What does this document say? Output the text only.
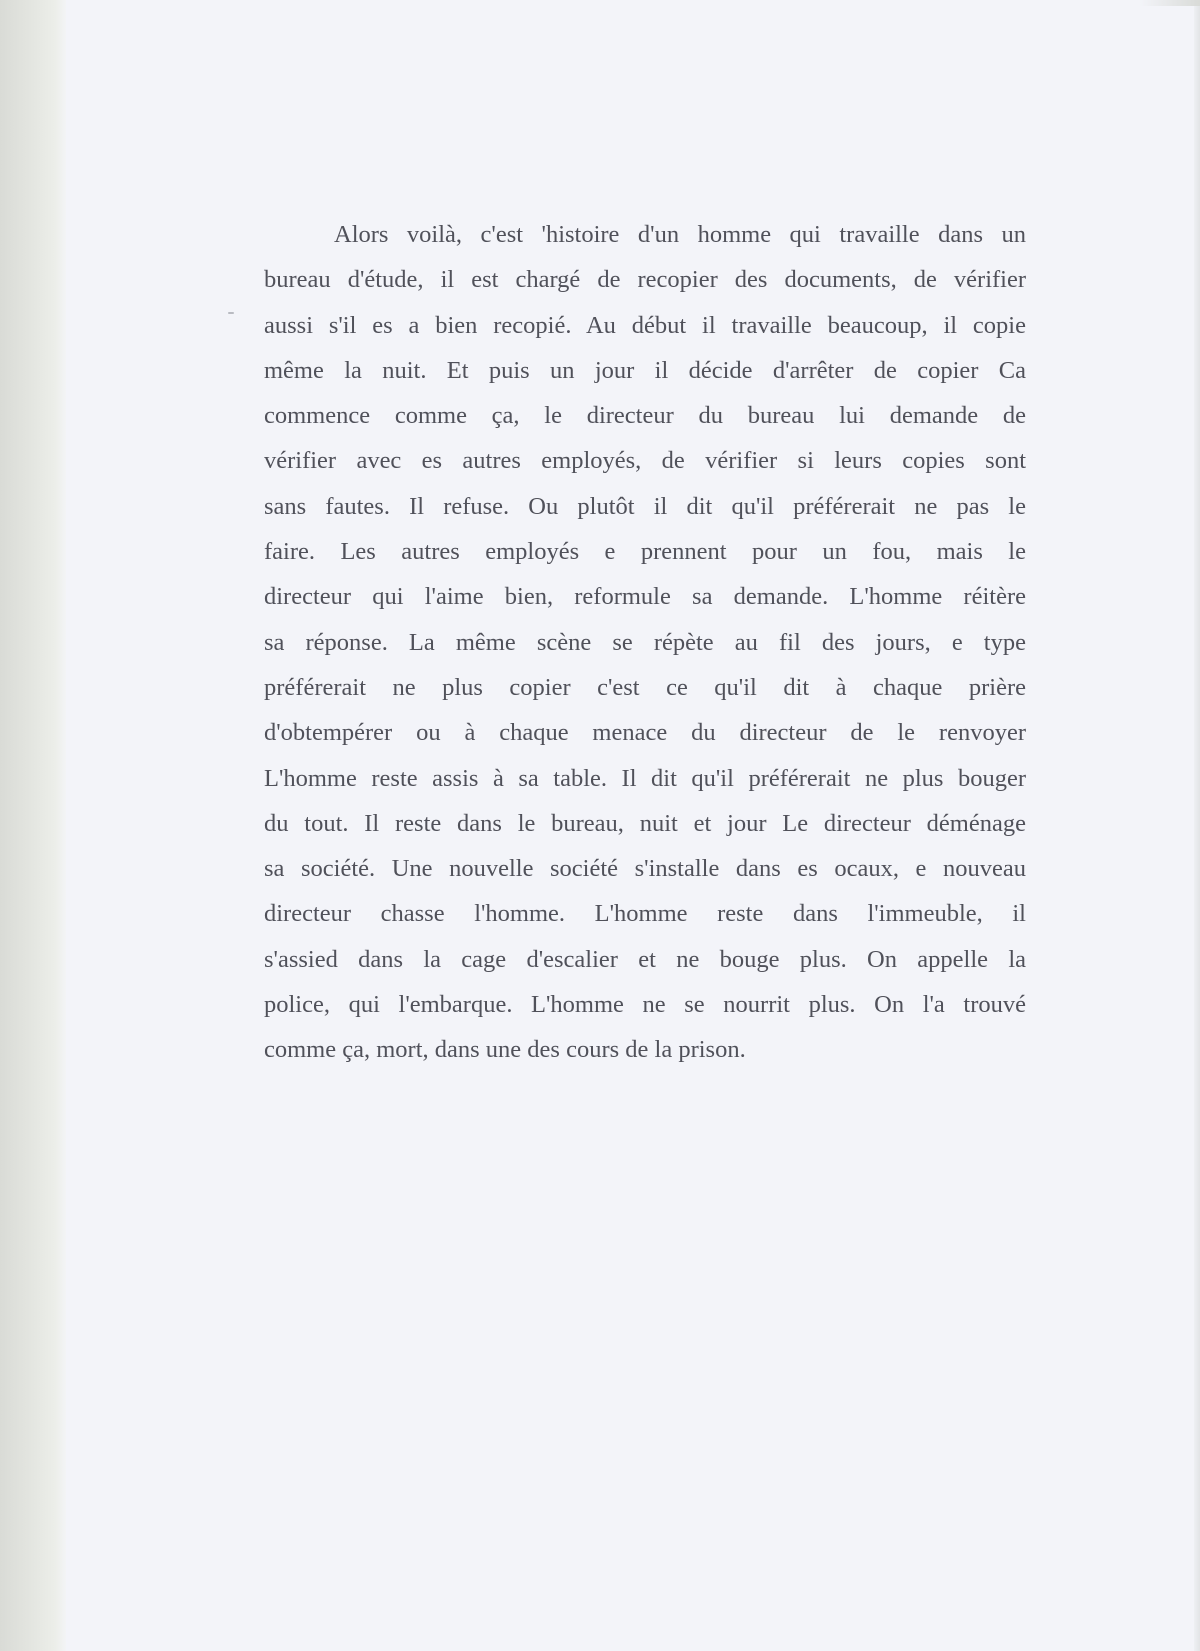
Alors voilà, c'est 'histoire d'un homme qui travaille dans un
bureau d'étude, il est chargé de recopier des documents, de vérifier
aussi s'il es a bien recopié. Au début il travaille beaucoup, il copie
même la nuit. Et puis un jour il décide d'arrêter de copier Ca
commence comme ça, le directeur du bureau lui demande de
vérifier avec es autres employés, de vérifier si leurs copies sont
sans fautes. Il refuse. Ou plutôt il dit qu'il préférerait ne pas le
faire. Les autres employés e prennent pour un fou, mais le
directeur qui l'aime bien, reformule sa demande. L'homme réitère
sa réponse. La même scène se répète au fil des jours, e type
préférerait ne plus copier c'est ce qu'il dit à chaque prière
d'obtempérer ou à chaque menace du directeur de le renvoyer
L'homme reste assis à sa table. Il dit qu'il préférerait ne plus bouger
du tout. Il reste dans le bureau, nuit et jour Le directeur déménage
sa société. Une nouvelle société s'installe dans es ocaux, e nouveau
directeur chasse l'homme. L'homme reste dans l'immeuble, il
s'assied dans la cage d'escalier et ne bouge plus. On appelle la
police, qui l'embarque. L'homme ne se nourrit plus. On l'a trouvé
comme ça, mort, dans une des cours de la prison.
